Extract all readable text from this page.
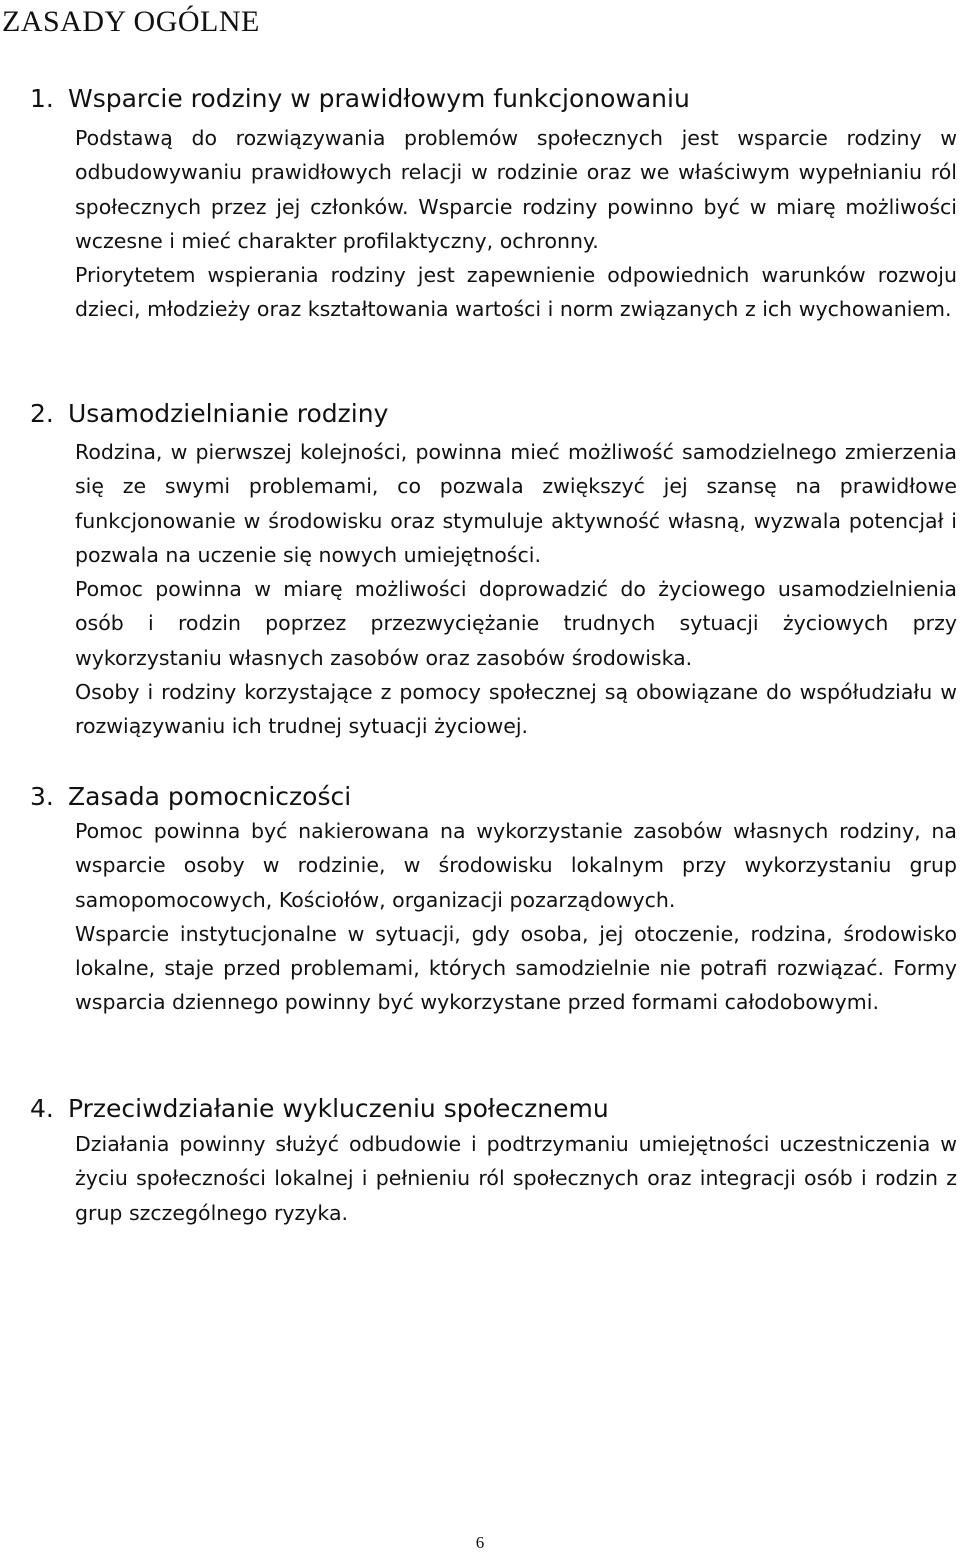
ZASADY OGÓLNE
1. Wsparcie rodziny w prawidłowym funkcjonowaniu

Podstawą do rozwiązywania problemów społecznych jest wsparcie rodziny w odbudowywaniu prawidłowych relacji w rodzinie oraz we właściwym wypełnianiu ról społecznych przez jej członków. Wsparcie rodziny powinno być w miarę możliwości wczesne i mieć charakter profilaktyczny, ochronny.

Priorytetem wspierania rodziny jest zapewnienie odpowiednich warunków rozwoju dzieci, młodzieży oraz kształtowania wartości i norm związanych z ich wychowaniem.

2. Usamodzielnianie rodziny

Rodzina, w pierwszej kolejności, powinna mieć możliwość samodzielnego zmierzenia się ze swymi problemami, co pozwala zwiększyć jej szansę na prawidłowe funkcjonowanie w środowisku oraz stymuluje aktywność własną, wyzwala potencjał i pozwala na uczenie się nowych umiejętności.

Pomoc powinna w miarę możliwości doprowadzić do życiowego usamodzielnienia osób i rodzin poprzez przezwyciężanie trudnych sytuacji życiowych przy wykorzystaniu własnych zasobów oraz zasobów środowiska.

Osoby i rodziny korzystające z pomocy społecznej są obowiązane do współudziału w rozwiązywaniu ich trudnej sytuacji życiowej.

3. Zasada pomocniczości

Pomoc powinna być nakierowana na wykorzystanie zasobów własnych rodziny, na wsparcie osoby w rodzinie, w środowisku lokalnym przy wykorzystaniu grup samopomocowych, Kościołów, organizacji pozarządowych.

Wsparcie instytucjonalne w sytuacji, gdy osoba, jej otoczenie, rodzina, środowisko lokalne, staje przed problemami, których samodzielnie nie potrafi rozwiązać. Formy wsparcia dziennego powinny być wykorzystane przed formami całodobowymi.

4. Przeciwdziałanie wykluczeniu społecznemu

Działania powinny służyć odbudowie i podtrzymaniu umiejętności uczestniczenia w życiu społeczności lokalnej i pełnieniu ról społecznych oraz integracji osób i rodzin z grup szczególnego ryzyka.

6
